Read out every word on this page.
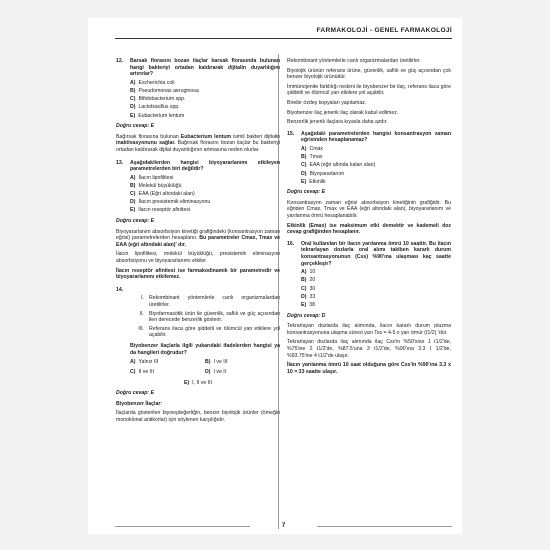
FARMAKOLOJİ - GENEL FARMAKOLOJİ
12.	Barsak florasını bozan ilaçlar barsak florasında bulunan hangi bakteriyi ortadan kaldırarak dijitalin duyarlılığını artırırlar?
A) Escherichia coli
B) Pseudomonas aeruginosa
C) Bifidobacterium spp.
D) Lactobasillus spp.
E) Eubacterium lentum
Doğru cevap: E

Bağırsak florasına bulunan Eubacterium lentum isimli bakteri dijitalin inaktivasyonunu sağlar. Bağırsak florasını bozan ilaçlar bu bakteriyi ortadan kaldırarak dijital duyarlılığının artmasına neden olurlar.

13.	Aşağıdakilerden hangisi biyoyararlanımı etkileyen parametrelerden biri değildir?
A) İlacın lipofilitesi
B) Molekül büyüklüğü
C) EAA (Eğri altındaki alan)
D) İlacın presistemik eliminasyonu
E) İlacın reseptör afinitesi
Doğru cevap: E

Biyoyararlanım absorbsiyon kinetiği grafiğindeki (konsantrasyon zaman eğrisi) parametrelerden hesaplanır. Bu parametreler Cmax, Tmax ve EAA (eğri altındaki alan)' dır.

İlacın lipofilitesi, molekül büyüklüğü, presistemik eliminasyon absorbsiyonu ve biyoyararlanımı etkiler.

İlacın reseptör afinitesi ise farmakodinamik bir parametredir ve biyoyararlanımı etkilemez.

14.
I. Rekombinant yöntemlerle canlı organizmalardan üretilirler.
II. Biyofarmasötik ürün ile güvenlik, saflık ve güç açısından ileri derecede benzerlik gösterir.
III. Referans ilaca göre şiddetli ve ölümcül yan etkilere yol açabilir.

Biyobenzer ilaçlarla ilgili yukarıdaki ifadelerden hangisi ya da hangileri doğrudur?

A) Yalnız III	B) I ve III
C) II ve III	D) I ve II
E) I, II ve III
Doğru cevap: E

Biyobenzer İlaçlar:

İlaçlarda gösterilen biyoeşdeğerliğin, benzer biyolojik ürünler (örneğin monoklonal antikorlar) için söylenen karşılığıdır.

Rekombinant yöntemlerle canlı organizmalardan üretilirler.

Biyolojik ürünün referans ürüne, güvenlik, saflık ve güç açısından çok benzer biyolojik ürünüdür.

İmmünojenite farklılığı nedeni ile biyobenzer bir ilaç, referans ilaca göre şiddetli ve ölümcül yan etkilere yol açabilir.

Birebir özdeş kopyaları yapılamaz.

Biyobenzer ilaç jenerik ilaç olarak kabul edilmez.

Benzerlik jenerik ilaçlara kıyasla daha azdır.

15.	Aşağıdaki parametrelerden hangisi konsantrasyon zaman eğrisinden hesaplanamaz?
A) Cmax
B) Tmax
C) EAA (eğri altında kalan alan)
D) Biyoyararlanım
E) Etkinlik
Doğru cevap: E

Konsantrasyon zaman eğrisi absorbsiyon kinetiğinin grafiğidir. Bu eğriden Cmax, Tmax ve EAA (eğri altındaki alan), biyoyararlanım ve yarılanma ömrü hesaplanabilir.

Etkinlik (Emax) ise maksimum etki demektir ve kademeli doz cevap grafiğinden hesaplanır.

16.	Oral kullanılan bir ilacın yarılanma ömrü 10 saattir. Bu ilacın tekrarlayan dozlarla oral alımı takiben kararlı durum konsantrasyonunun (Css) %90'ına ulaşması kaç saatte gerçekleşir?
A) 10
B) 20
C) 30
D) 33
E) 38
Doğru cevap: D

Tekrarlayan dozlarda ilaç alımında, ilacın kararlı durum plazma konsantrasyonuna ulaşma süresi yarı Tss = 4-5 x yarı ömür (t1/2) 'dür.

Tekrarlayan dozlarda ilaç alımında ilaç Css'in %50'sine 1 t1/2'de, %75'ine 2 t1/2'de, %87.5'una 3 t1/2'de, %90'ına 3.3 t 1/2'de, %93.75'ine 4 t1/2'de ulaşır.

İlacın yarılanma ömrü 10 saat olduğuna göre Css'in %90'ına 3.3 x 10 = 33 saatte ulaşır.

7
